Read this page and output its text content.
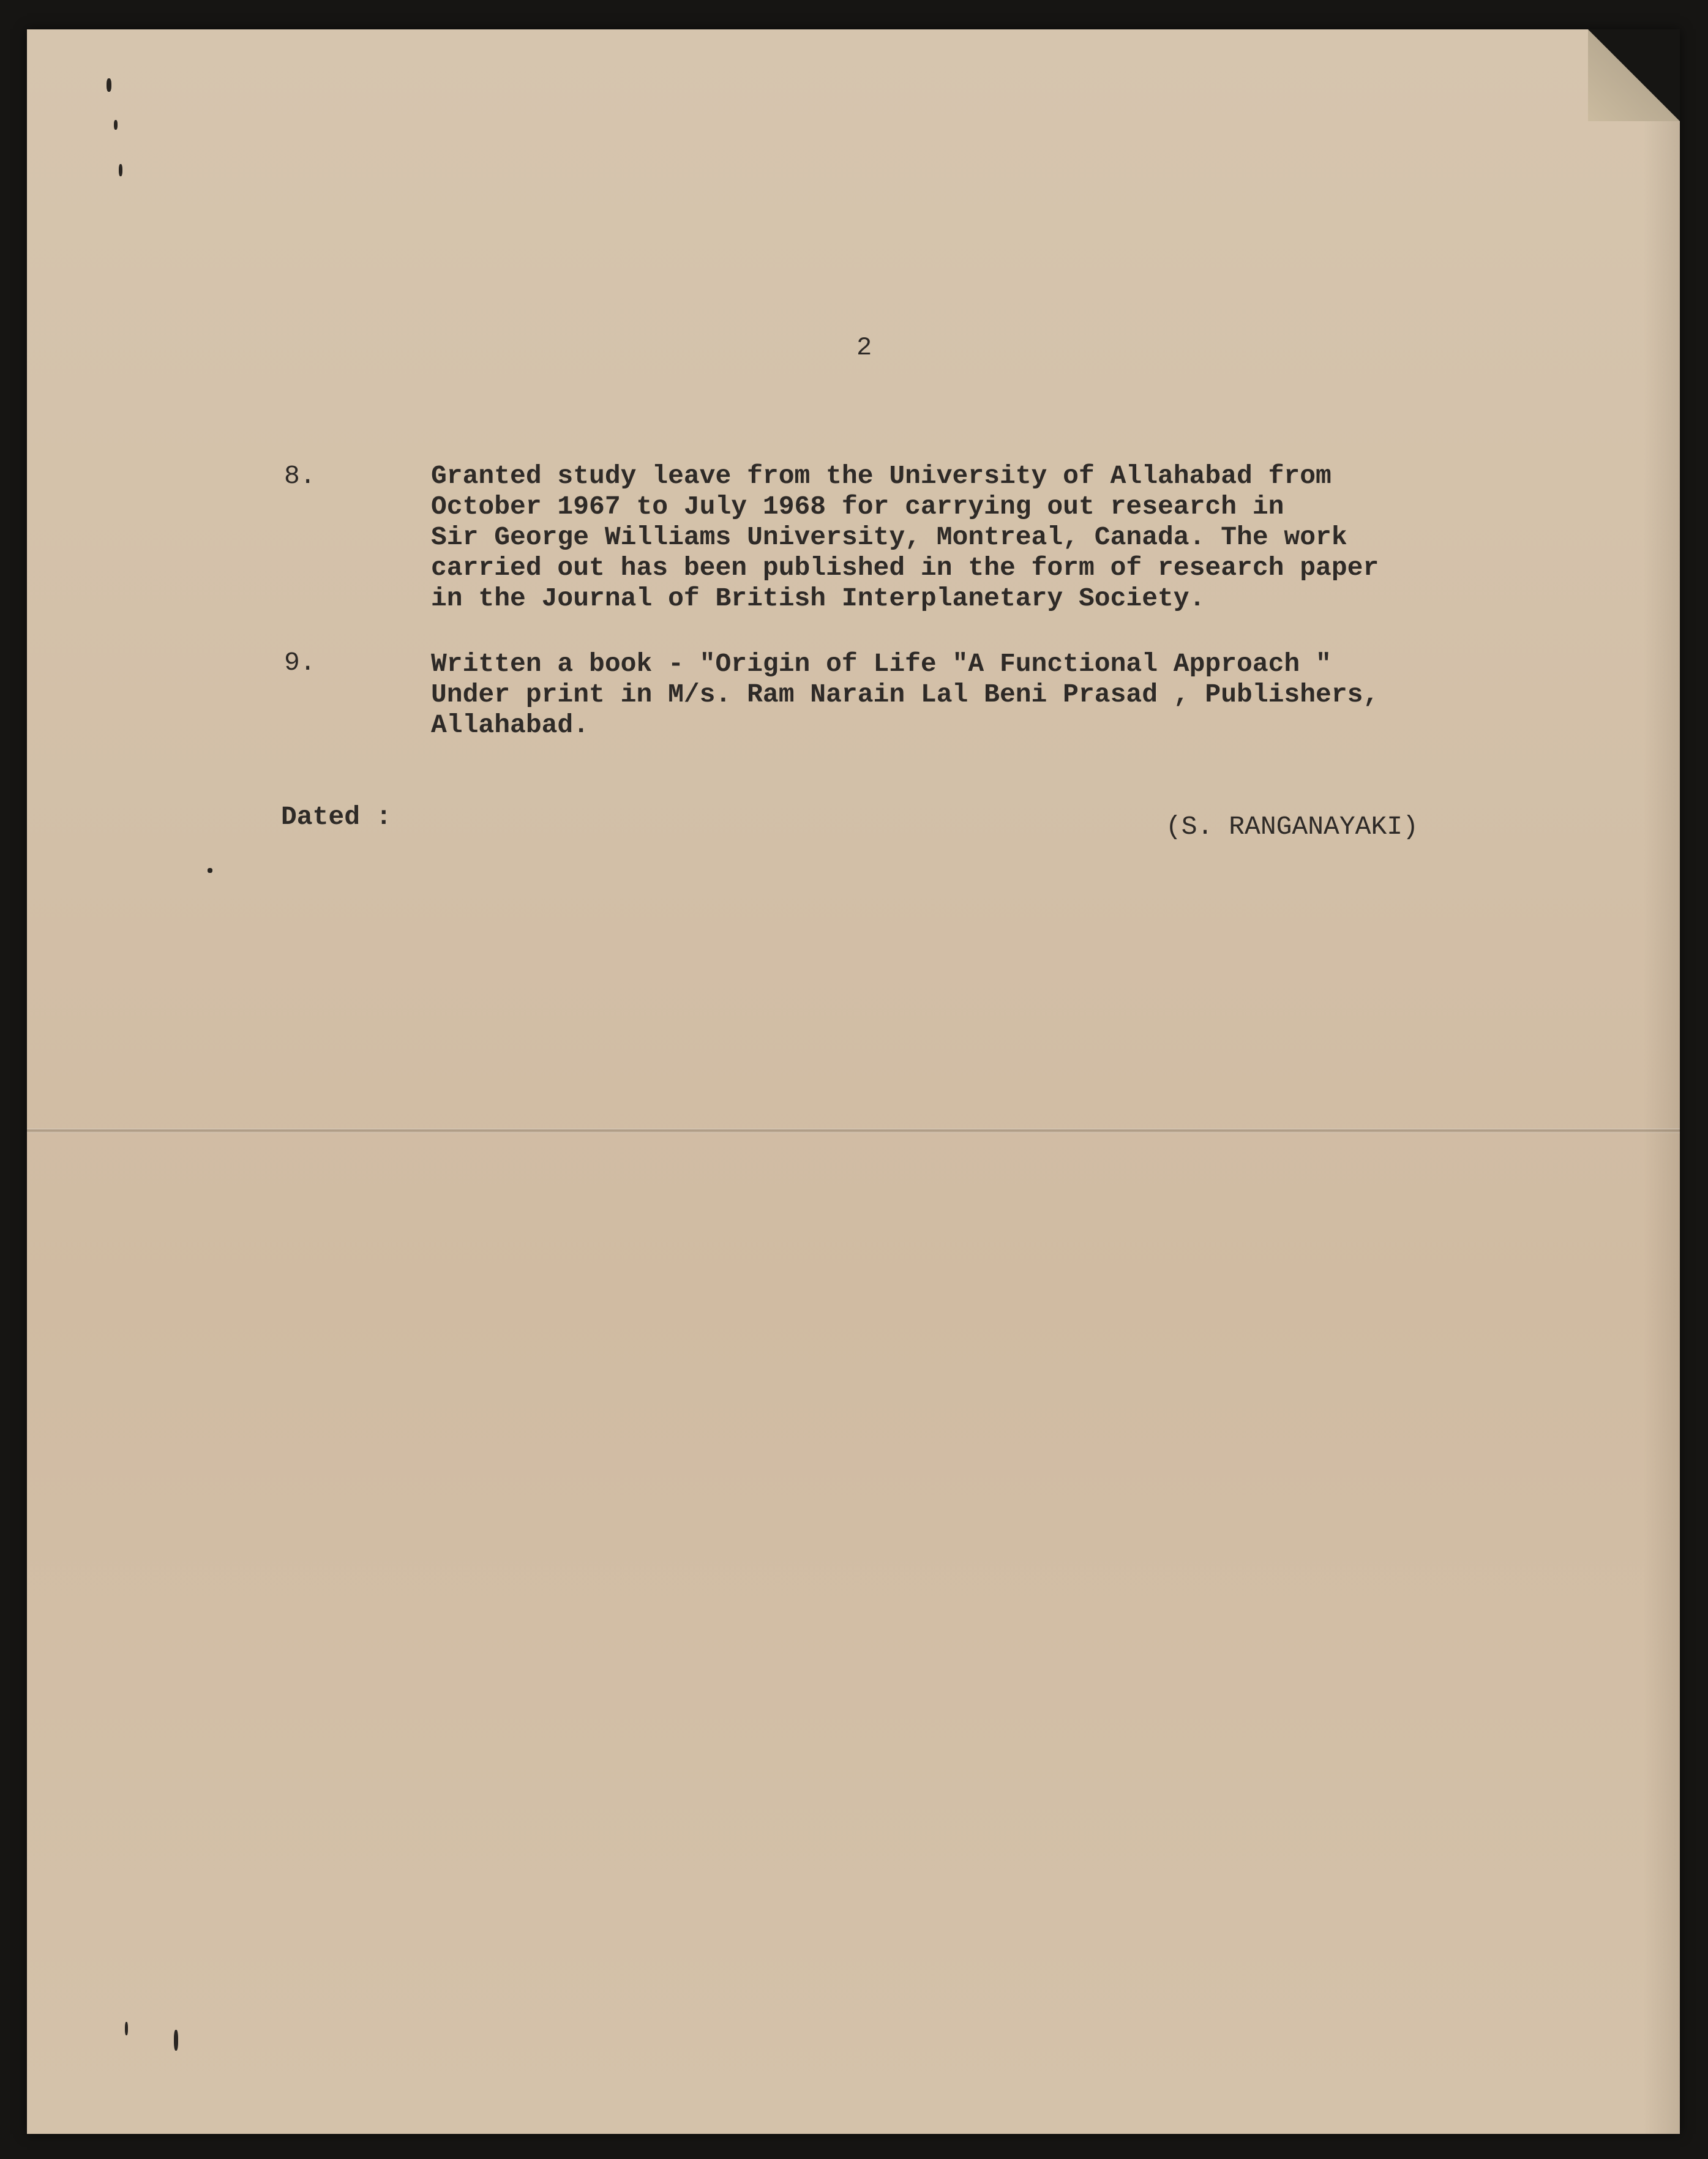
2

8.	Granted study leave from the University of Allahabad from
October 1967 to July 1968 for carrying out research in
Sir George Williams University, Montreal, Canada. The work
carried out has been published in the form of research paper
in the Journal of British Interplanetary Society.

9.	Written a book - "Origin of Life "A Functional Approach "
Under print in M/s. Ram Narain Lal Beni Prasad , Publishers,
Allahabad.

Dated :	(S. RANGANAYAKI)
